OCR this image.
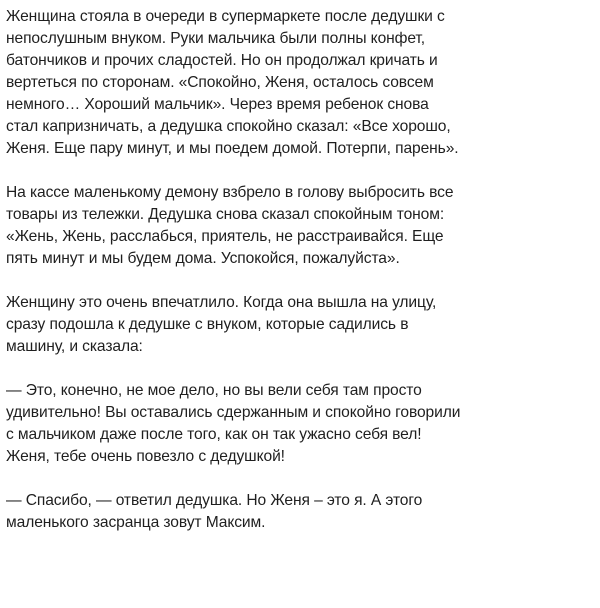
Женщина стояла в очереди в супермаркете после дедушки с
непослушным внуком. Руки мальчика были полны конфет,
батончиков и прочих сладостей. Но он продолжал кричать и
вертеться по сторонам. «Спокойно, Женя, осталось совсем
немного… Хороший мальчик». Через время ребенок снова
стал капризничать, а дедушка спокойно сказал: «Все хорошо,
Женя. Еще пару минут, и мы поедем домой. Потерпи, парень».

На кассе маленькому демону взбрело в голову выбросить все
товары из тележки. Дедушка снова сказал спокойным тоном:
«Жень, Жень, расслабься, приятель, не расстраивайся. Еще
пять минут и мы будем дома. Успокойся, пожалуйста».

Женщину это очень впечатлило. Когда она вышла на улицу,
сразу подошла к дедушке с внуком, которые садились в
машину, и сказала:

— Это, конечно, не мое дело, но вы вели себя там просто
удивительно! Вы оставались сдержанным и спокойно говорили
с мальчиком даже после того, как он так ужасно себя вел!
Женя, тебе очень повезло с дедушкой!

— Спасибо, — ответил дедушка. Но Женя – это я. А этого
маленького засранца зовут Максим.
